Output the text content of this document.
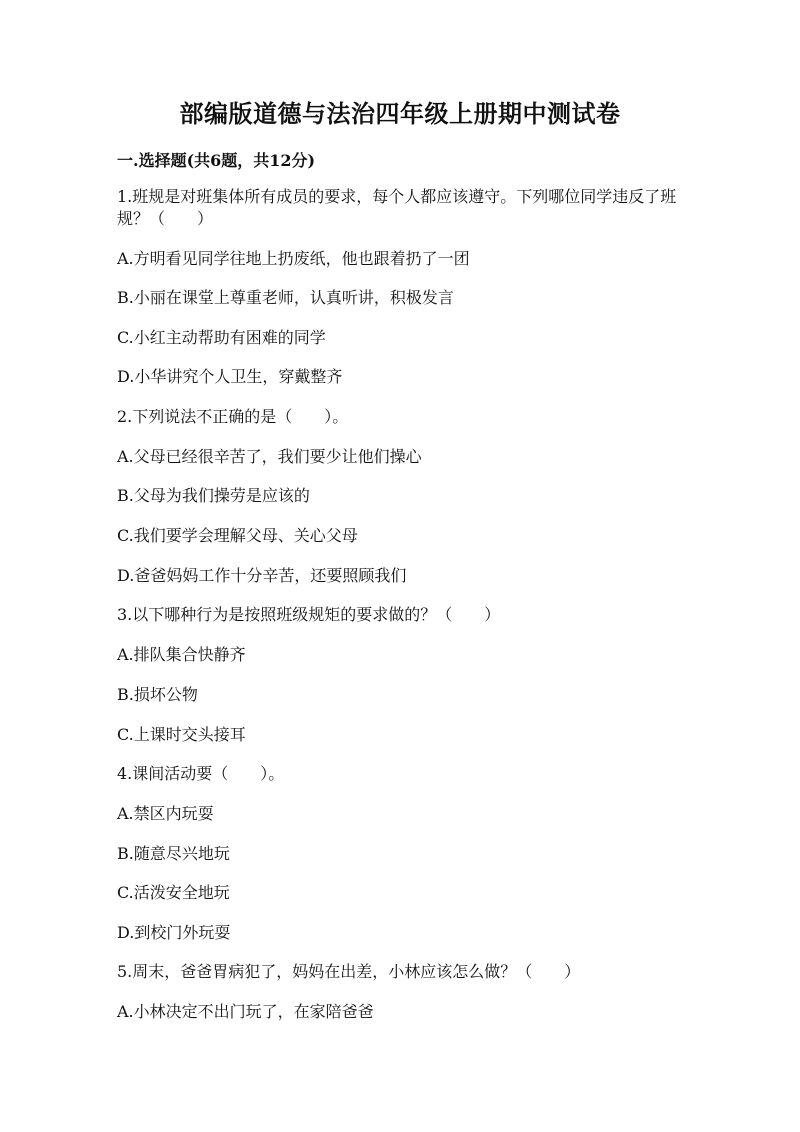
部编版道德与法治四年级上册期中测试卷

一.选择题(共6题，共12分)

1.班规是对班集体所有成员的要求，每个人都应该遵守。下列哪位同学违反了班规？（　　）

A.方明看见同学往地上扔废纸，他也跟着扔了一团

B.小丽在课堂上尊重老师，认真听讲，积极发言

C.小红主动帮助有困难的同学

D.小华讲究个人卫生，穿戴整齐

2.下列说法不正确的是（　　）。

A.父母已经很辛苦了，我们要少让他们操心

B.父母为我们操劳是应该的

C.我们要学会理解父母、关心父母

D.爸爸妈妈工作十分辛苦，还要照顾我们

3.以下哪种行为是按照班级规矩的要求做的？（　　）

A.排队集合快静齐

B.损坏公物

C.上课时交头接耳

4.课间活动要（　　）。

A.禁区内玩耍

B.随意尽兴地玩

C.活泼安全地玩

D.到校门外玩耍

5.周末，爸爸胃病犯了，妈妈在出差，小林应该怎么做？（　　）

A.小林决定不出门玩了，在家陪爸爸
